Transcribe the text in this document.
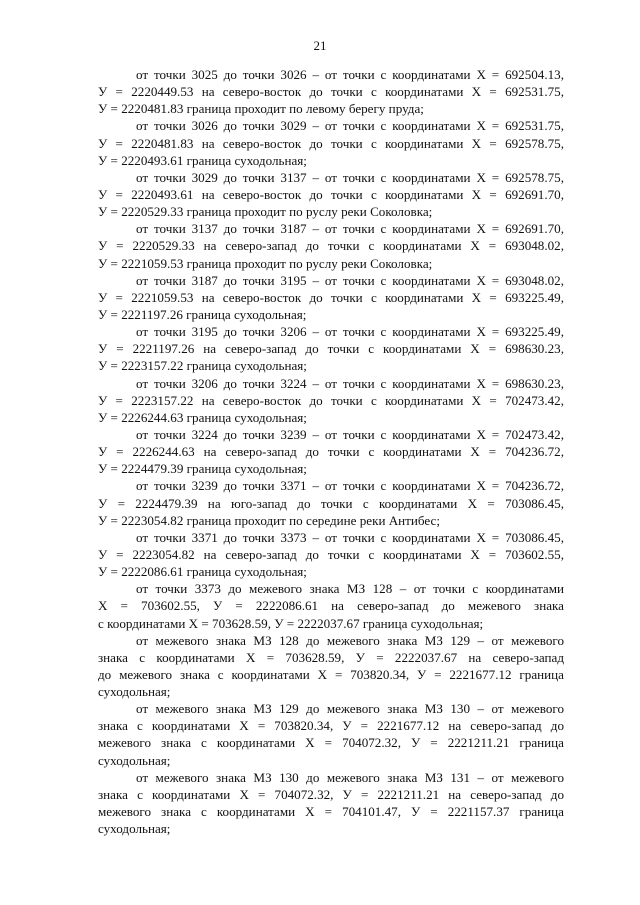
21
от точки 3025 до точки 3026 – от точки с координатами Х = 692504.13,
У = 2220449.53 на северо-восток до точки с координатами Х = 692531.75,
У = 2220481.83 граница проходит по левому берегу пруда;
от точки 3026 до точки 3029 – от точки с координатами Х = 692531.75,
У = 2220481.83 на северо-восток до точки с координатами Х = 692578.75,
У = 2220493.61 граница суходольная;
от точки 3029 до точки 3137 – от точки с координатами Х = 692578.75,
У = 2220493.61 на северо-восток до точки с координатами Х = 692691.70,
У = 2220529.33 граница проходит по руслу реки Соколовка;
от точки 3137 до точки 3187 – от точки с координатами Х = 692691.70,
У = 2220529.33 на северо-запад до точки с координатами Х = 693048.02,
У = 2221059.53 граница проходит по руслу реки Соколовка;
от точки 3187 до точки 3195 – от точки с координатами Х = 693048.02,
У = 2221059.53 на северо-восток до точки с координатами Х = 693225.49,
У = 2221197.26 граница суходольная;
от точки 3195 до точки 3206 – от точки с координатами Х = 693225.49,
У = 2221197.26 на северо-запад до точки с координатами Х = 698630.23,
У = 2223157.22 граница суходольная;
от точки 3206 до точки 3224 – от точки с координатами Х = 698630.23,
У = 2223157.22 на северо-восток до точки с координатами Х = 702473.42,
У = 2226244.63 граница суходольная;
от точки 3224 до точки 3239 – от точки с координатами Х = 702473.42,
У = 2226244.63 на северо-запад до точки с координатами Х = 704236.72,
У = 2224479.39 граница суходольная;
от точки 3239 до точки 3371 – от точки с координатами Х = 704236.72,
У = 2224479.39 на юго-запад до точки с координатами Х = 703086.45,
У = 2223054.82 граница проходит по середине реки Антибес;
от точки 3371 до точки 3373 – от точки с координатами Х = 703086.45,
У = 2223054.82 на северо-запад до точки с координатами Х = 703602.55,
У = 2222086.61 граница суходольная;
от точки 3373 до межевого знака МЗ 128 – от точки с координатами
Х = 703602.55, У = 2222086.61 на северо-запад до межевого знака
с координатами Х = 703628.59, У = 2222037.67 граница суходольная;
от межевого знака МЗ 128 до межевого знака МЗ 129 – от межевого
знака с координатами Х = 703628.59, У = 2222037.67 на северо-запад
до межевого знака с координатами Х = 703820.34, У = 2221677.12 граница
суходольная;
от межевого знака МЗ 129 до межевого знака МЗ 130 – от межевого
знака с координатами Х = 703820.34, У = 2221677.12 на северо-запад до
межевого знака с координатами Х = 704072.32, У = 2221211.21 граница
суходольная;
от межевого знака МЗ 130 до межевого знака МЗ 131 – от межевого
знака с координатами Х = 704072.32, У = 2221211.21 на северо-запад до
межевого знака с координатами Х = 704101.47, У = 2221157.37 граница
суходольная;
